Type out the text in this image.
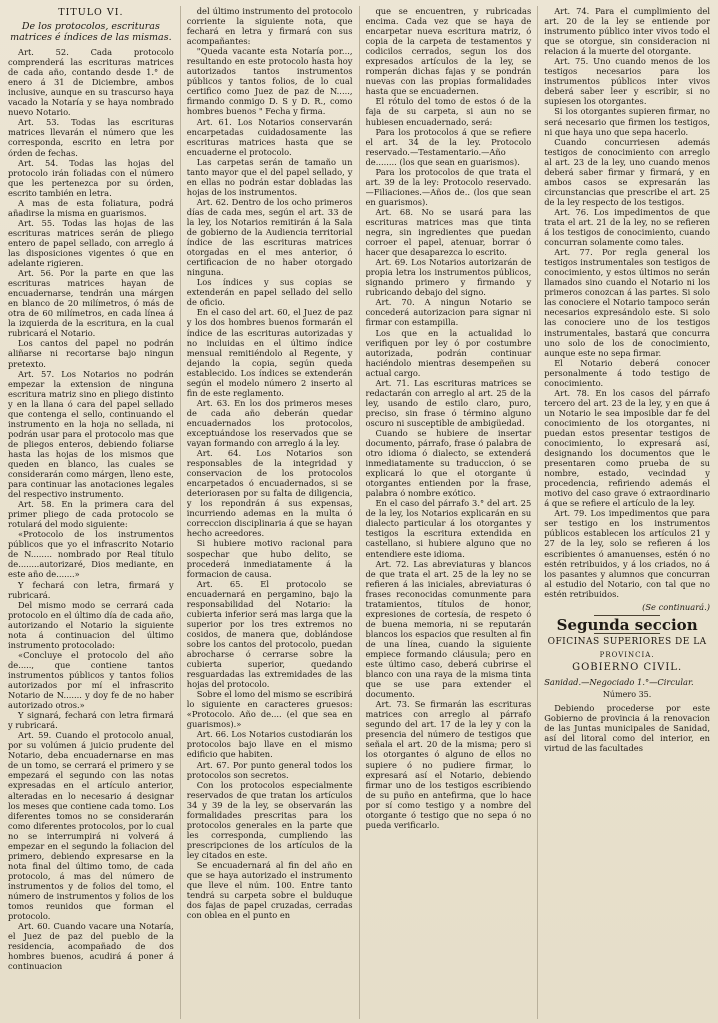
TITULO VI.
De los protocolos, escrituras matrices é índices de las mismas.

Art. 52. Cada protocolo comprenderá las escrituras matrices de cada año, contando desde 1.° de enero á 31 de Diciembre, ambos inclusive, aunque en su trascurso haya vacado la Notaría y se haya nombrado nuevo Notario.

Art. 53. Todas las escrituras matrices llevarán el número que les corresponda, escrito en letra por órden de fechas.

Art. 54. Todas las hojas del protocolo irán foliadas con el número que les pertenezca por su órden, escrito también en letra.

A mas de esta foliatura, podrá añadirse la misma en guarismos.

Art. 55. Todas las hojas de las escrituras matrices serán de pliego entero de papel sellado, con arreglo á las disposiciones vigentes ó que en adelante rigieren.

Art. 56. Por la parte en que las escrituras matrices hayan de encuadernarse, tendrán una márgen en blanco de 20 milímetros, ó más de otra de 60 milímetros, en cada línea á la izquierda de la escritura, en la cual rubricará el Notario.

Los cantos del papel no podrán aliñarse ni recortarse bajo ningun pretexto.

Art. 57. Los Notarios no podrán empezar la extension de ninguna escritura matriz sino en pliego distinto y en la llana ó cara del papel sellado que contenga el sello, continuando el instrumento en la hoja no sellada, ni podrán usar para el protocolo mas que de pliegos enteros, debiendo foliarse hasta las hojas de los mismos que queden en blanco, las cuales se considerarán como márgen, lleno este, para continuar las anotaciones legales del respectivo instrumento.

Art. 58. En la primera cara del primer pliego de cada protocolo se rotulará del modo siguiente:

«Protocolo de los instrumentos públicos que yo el infrascrito Notario de N........ nombrado por Real título de........autorizaré, Dios mediante, en este año de.......»

Y fechará con letra, firmará y rubricará.

Del mismo modo se cerrará cada protocolo en el último día de cada año, autorizando el Notario la siguiente nota á continuacion del último instrumento protocolado:

«Concluye el protocolo del año de....., que contiene tantos instrumentos públicos y tantos folios autorizados por mí el infrascrito Notario de N....... y doy fe de no haber autorizado otros.»

Y signará, fechará con letra firmará y rubricará.

Art. 59. Cuando el protocolo anual, por su volúmen á juicio prudente del Notario, deba encuadernarse en mas de un tomo, se cerrará el primero y se empezará el segundo con las notas expresadas en el artículo anterior, alteradas en lo necesario á designar los meses que contiene cada tomo. Los diferentes tomos no se considerarán como diferentes protocolos, por lo cual no se interrumpirá ni volverá á empezar en el segundo la foliacion del primero, debiendo expresarse en la nota final del último tomo, de cada protocolo, á mas del número de instrumentos y de folios del tomo, el número de instrumentos y folios de los tomos reunidos que forman el protocolo.

Art. 60. Cuando vacare una Notaría, el Juez de paz del pueblo de la residencia, acompañado de dos hombres buenos, acudirá á poner á continuacion

del último instrumento del protocolo corriente la siguiente nota, que fechará en letra y firmará con sus acompañantes:

"Queda vacante esta Notaría por..., resultando en este protocolo hasta hoy autorizados tantos instrumentos públicos y tantos folios, de lo cual certifico como Juez de paz de N....., firmando conmigo D. S y D. R., como hombres buenos " Fecha y firma.

Art. 61. Los Notarios conservarán encarpetadas cuidadosamente las escrituras matrices hasta que se encuaderne el protocolo.

Las carpetas serán de tamaño un tanto mayor que el del papel sellado, y en ellas no podrán estar dobladas las hojas de los instrumentos.

Art. 62. Dentro de los ocho primeros días de cada mes, según el art. 33 de la ley, los Notarios remitirán á la Sala de gobierno de la Audiencia territorial índice de las escrituras matrices otorgadas en el mes anterior, ó certificacion de no haber otorgado ninguna.

Los índices y sus copias se extenderán en papel sellado del sello de oficio.

En el caso del art. 60, el Juez de paz y los dos hombres buenos formarán el índice de las escrituras autorizadas y no incluidas en el último índice mensual remitiéndolo al Regente, y dejando la copia, según queda establecido. Los índices se extenderán según el modelo número 2 inserto al fin de este reglamento.

Art. 63. En los dos primeros meses de cada año deberán quedar encuadernados los protocolos, exceptuándose los reservados que se vayan formando con arreglo á la ley.

Art. 64. Los Notarios son responsables de la integridad y conservacion de los protocolos encarpetados ó encuadernados, si se deteriorasen por su falta de diligencia, y los repondrán á sus expensas, incurriendo ademas en la multa ó correccion disciplinaria á que se hayan hecho acreedores.

Si hubiere motivo racional para sospechar que hubo delito, se procederá inmediatamente á la formacion de causa.

Art. 65. El protocolo se encuadernará en pergamino, bajo la responsabilidad del Notario: la cubierta inferior será mas larga que la superior por los tres extremos no cosidos, de manera que, doblándose sobre los cantos del protocolo, puedan abrocharse ó cerrarse sobre la cubierta superior, quedando resguardadas las extremidades de las hojas del protocolo.

Sobre el lomo del mismo se escribirá lo siguiente en caracteres gruesos: «Protocolo. Año de.... (el que sea en guarismos).»

Art. 66. Los Notarios custodiarán los protocolos bajo llave en el mismo edificio que habiten.

Art. 67. Por punto general todos los protocolos son secretos.

Con los protocolos especialmente reservados de que tratan los artículos 34 y 39 de la ley, se observarán las formalidades prescritas para los protocolos generales en la parte que les corresponda, cumpliendo las prescripciones de los artículos de la ley citados en este.

Se encuadernará al fin del año en que se haya autorizado el instrumento que lleve el núm. 100. Entre tanto tendrá su carpeta sobre el bulduque dos fajas de papel cruzadas, cerradas con oblea en el punto en

que se encuentren, y rubricadas encima. Cada vez que se haya de encarpetar nueva escritura matriz, ó copia de la carpeta de testamentos y codicilos cerrados, segun los dos expresados artículos de la ley, se romperán dichas fajas y se pondrán nuevas con las propias formalidades hasta que se encuadernen.

El rótulo del tomo de estos ó de la faja de su carpeta, si aun no se hubiesen encuadernado, será:

Para los protocolos á que se refiere el art. 34 de la ley. Protocolo reservado.—Testamentario.—Año de........ (los que sean en guarismos).

Para los protocolos de que trata el art. 39 de la ley: Protocolo reservado.—Filiaciones.—Años de.. (los que sean en guarismos).

Art. 68. No se usará para las escrituras matrices mas que tinta negra, sin ingredientes que puedan corroer el papel, atenuar, borrar ó hacer que desaparezca lo escrito.

Art. 69. Los Notarios autorizarán de propia letra los instrumentos públicos, signando primero y firmando y rubricando debajo del signo.

Art. 70. A ningun Notario se concederá autorizacion para signar ni firmar con estampilla.

Los que en la actualidad lo verifiquen por ley ó por costumbre autorizada, podrán continuar haciéndolo mientras desempeñen su actual cargo.

Art. 71. Las escrituras matrices se redactarán con arreglo al art. 25 de la ley, usando de estilo claro, puro, preciso, sin frase ó término alguno oscuro ni susceptible de ambigüedad.

Cuando se hubiere de insertar documento, párrafo, frase ó palabra de otro idioma ó dialecto, se extenderá inmediatamente su traduccion, ó se explicará lo que el otorgante ú otorgantes entienden por la frase, palabra ó nombre exótico.

En el caso del párrafo 3.° del art. 25 de la ley, los Notarios explicarán en su dialecto particular á los otorgantes y testigos la escritura extendida en castellano, si hubiere alguno que no entendiere este idioma.

Art. 72. Las abreviaturas y blancos de que trata el art. 25 de la ley no se refieren á las iniciales, abreviaturas ó frases reconocidas comunmente para tratamientos, títulos de honor, expresiones de cortesía, de respeto ó de buena memoria, ni se reputarán blancos los espacios que resulten al fin de una línea, cuando la siguiente empiece formando cláusula; pero en este último caso, deberá cubrirse el blanco con una raya de la misma tinta que se use para extender el documento.

Art. 73. Se firmarán las escrituras matrices con arreglo al párrafo segundo del art. 17 de la ley y con la presencia del número de testigos que señala el art. 20 de la misma; pero si los otorgantes ó alguno de ellos no supiere ó no pudiere firmar, lo expresará así el Notario, debiendo firmar uno de los testigos escribiendo de su puño en antefirma, que lo hace por sí como testigo y a nombre del otorgante ó testigo que no sepa ó no pueda verificarlo.

Art. 74. Para el cumplimiento del art. 20 de la ley se entiende por instrumento público inter vivos todo el que se otorgue, sin consideracion ni relacion á la muerte del otorgante.

Art. 75. Uno cuando menos de los testigos necesarios para los instrumentos públicos inter vivos deberá saber leer y escribir, si no supiesen los otorgantes.

Si los otorgantes supieren firmar, no será necesario que firmen los testigos, ni que haya uno que sepa hacerlo.

Cuando concurriesen además testigos de conocimiento con arreglo al art. 23 de la ley, uno cuando menos deberá saber firmar y firmará, y en ambos casos se expresarán las circunstancias que prescribe el art. 25 de la ley respecto de los testigos.

Art. 76. Los impedimentos de que trata el art. 21 de la ley, no se refieren á los testigos de conocimiento, cuando concurran solamente como tales.

Art. 77. Por regla general los testigos instrumentales son testigos de conocimiento, y estos últimos no serán llamados sino cuando el Notario ni los primeros conozcan á las partes. Si solo las conociere el Notario tampoco serán necesarios expresándolo este. Si solo las conociere uno de los testigos instrumentales, bastará que concurra uno solo de los de conocimiento, aunque este no sepa firmar.

El Notario deberá conocer personalmente á todo testigo de conocimiento.

Art. 78. En los casos del párrafo tercero del art. 23 de la ley, y en que á un Notario le sea imposible dar fe del conocimiento de los otorgantes, ni puedan estos presentar testigos de conocimiento, lo expresará así, designando los documentos que le presentaren como prueba de su nombre, estado, vecindad y procedencia, refiriendo además el motivo del caso grave ó extraordinario á que se refiere el artículo de la ley.

Art. 79. Los impedimentos que para ser testigo en los instrumentos públicos establecen los artículos 21 y 27 de la ley, solo se refieren á los escribientes ó amanuenses, estén ó no estén retribuidos, y á los criados, no á los pasantes y alumnos que concurran al estudio del Notario, con tal que no estén retribuidos.

(Se continuará.)
Segunda seccion
OFICINAS SUPERIORES DE LA
PROVINCIA.
GOBIERNO CIVIL.
Sanidad.—Negociado 1.°—Circular.
Número 35.

Debiendo procederse por este Gobierno de provincia á la renovacion de las Juntas municipales de Sanidad, así del litoral como del interior, en virtud de las facultades
